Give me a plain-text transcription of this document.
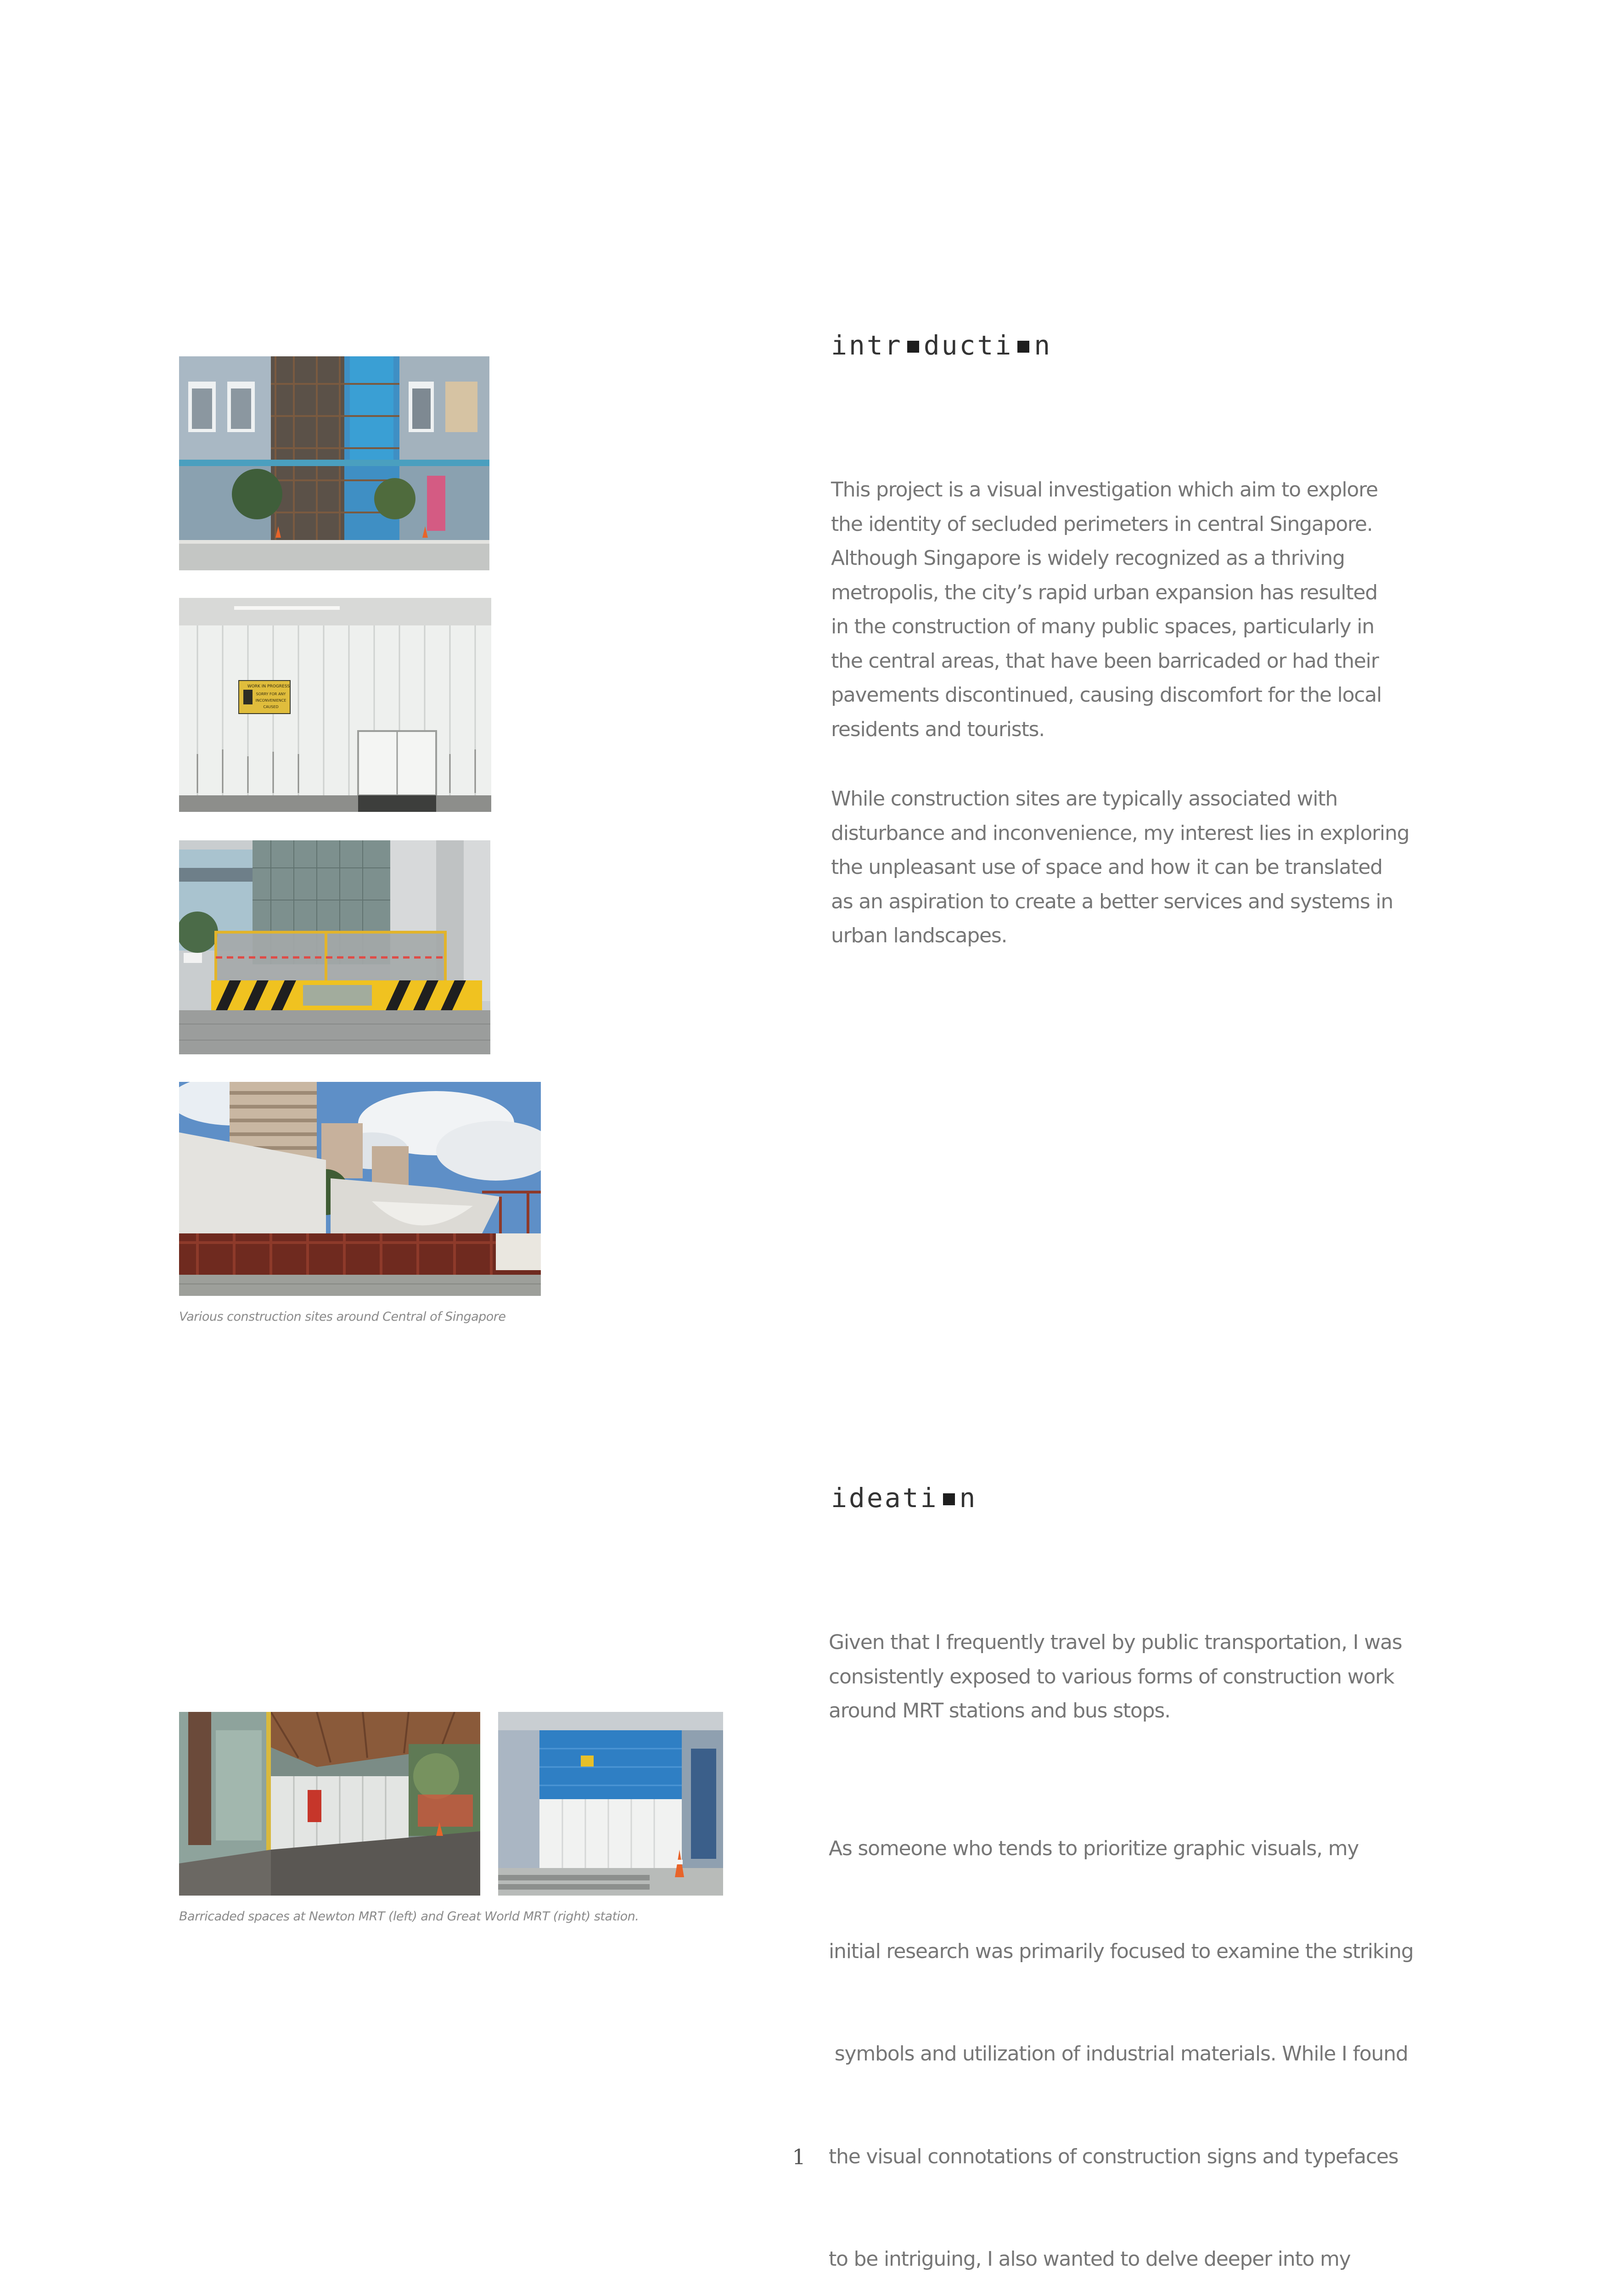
WORK IN PROGRESS
SORRY FOR ANY
INCONVENIENCE
CAUSED
Various construction sites around Central of Singapore
intr ducti n
This project is a visual investigation which aim to explore
the identity of secluded perimeters in central Singapore.
Although Singapore is widely recognized as a thriving
metropolis, the city’s rapid urban expansion has resulted
in the construction of many public spaces, particularly in
the central areas, that have been barricaded or had their
pavements discontinued, causing discomfort for the local
residents and tourists.
While construction sites are typically associated with
disturbance and inconvenience, my interest lies in exploring
the unpleasant use of space and how it can be translated
as an aspiration to create a better services and systems in
urban landscapes.
ideati n
Barricaded spaces at Newton MRT (left) and Great World MRT (right) station.
Given that I frequently travel by public transportation, I was
consistently exposed to various forms of construction work
around MRT stations and bus stops.

As someone who tends to prioritize graphic visuals, my

initial research was primarily focused to examine the striking

symbols and utilization of industrial materials. While I found

the visual connotations of construction signs and typefaces

to be intriguing, I also wanted to delve deeper into my

1
